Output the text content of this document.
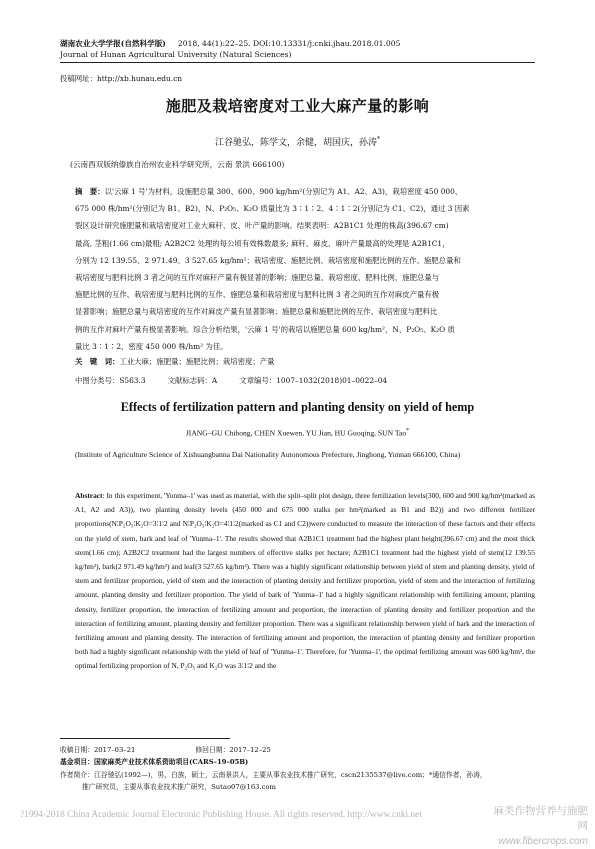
湖南农业大学学报(自然科学版) 2018, 44(1):22–25. DOI:10.13331/j.cnki.jhau.2018.01.005
Journal of Hunan Agricultural University (Natural Sciences)
投稿网址：http://xb.hunau.edu.cn
施肥及栽培密度对工业大麻产量的影响
江谷驰弘，陈学文，余健，胡国庆，孙涛*
(云南西双版纳傣族自治州农业科学研究所，云南 景洪 666100)
摘　要：以'云麻 1 号'为材料，设施肥总量 300、600、900 kg/hm²(分别记为 A1、A2、A3)，栽培密度 450 000、
675 000 株/hm²(分别记为 B1、B2)，N、P₂O₅、K₂O 质量比为 3∶1∶2、4∶1∶2(分别记为 C1、C2)，通过 3 因素
裂区设计研究施肥量和栽培密度对工业大麻秆、皮、叶产量的影响。结果表明：A2B1C1 处理的株高(396.67 cm)
最高, 茎粗(1.66 cm)最粗; A2B2C2 处理的每公顷有效株数最多; 麻秆、麻皮、麻叶产量最高的处理是 A2B1C1，
分别为 12 139.55、2 971.49、3 527.65 kg/hm²；栽培密度、施肥比例、栽培密度和施肥比例的互作、施肥总量和
栽培密度与肥料比例 3 者之间的互作对麻秆产量有极显著的影响；施肥总量、栽培密度、肥料比例、施肥总量与
施肥比例的互作、栽培密度与肥料比例的互作、施肥总量和栽培密度与肥料比例 3 者之间的互作对麻皮产量有极
显著影响；施肥总量与栽培密度的互作对麻皮产量有显著影响；施肥总量和施肥比例的互作、栽培密度与肥料比
例的互作对麻叶产量有极显著影响。综合分析结果，'云麻 1 号'的栽培以施肥总量 600 kg/hm²，N、P₂O₅、K₂O 质
量比 3∶1∶2，密度 450 000 株/hm² 为佳。
关　键　词：工业大麻；施肥量；施肥比例；栽培密度；产量
中图分类号：S563.3	文献标志码：A	文章编号：1007–1032(2018)01–0022–04
Effects of fertilization pattern and planting density on yield of hemp
JIANG–GU Chihong, CHEN Xuewen, YU Jian, HU Guoqing, SUN Tao*
(Institute of Agriculture Science of Xishuangbanna Dai Nationality Autonomous Prefecture, Jinghong, Yunnan 666100, China)
Abstract: In this experiment, 'Yunma–1' was used as material, with the split–split plot design, three fertilization levels(300, 600 and 900 kg/hm²(marked as A1, A2 and A3)), two planting density levels (450 000 and 675 000 stalks per hm²(marked as B1 and B2)) and two different fertilizer proportions(N∶P₂O₅∶K₂O=3∶1∶2 and N∶P₂O₅∶K₂O=4∶1∶2(marked as C1 and C2))were conducted to measure the interaction of these factors and their effects on the yield of stem, bark and leaf of 'Yunma–1'. The results showed that A2B1C1 treatment had the highest plant height(396.67 cm) and the most thick stem(1.66 cm); A2B2C2 treatment had the largest numbers of effective stalks per hectare; A2B1C1 treatment had the highest yield of stem(12 139.55 kg/hm²), bark(2 971.49 kg/hm²) and leaf(3 527.65 kg/hm²). There was a highly significant relationship between yield of stem and planting density, yield of stem and fertilizer proportion, yield of stem and the interaction of planting density and fertilizer proportion, yield of stem and the interaction of fertilizing amount, planting density and fertilizer proportion. The yield of bark of 'Yunma–1' had a highly significant relationship with fertilizing amount, planting density, fertilizer proportion, the interaction of fertilizing amount and proportion, the interaction of planting density and fertilizer proportion and the interaction of fertilizing amount, planting density and fertilizer proportion. There was a significant relationship between yield of bark and the interaction of fertilizing amount and planting density. The interaction of fertilizing amount and proportion, the interaction of planting density and fertilizer proportion both had a highly significant relationship with the yield of leaf of 'Yunma–1'. Therefore, for 'Yunma–1', the optimal fertilizing amount was 600 kg/hm², the optimal fertilizing proportion of N, P₂O₅ and K₂O was 3∶1∶2 and the
收稿日期：2017–03–21	修回日期：2017–12–25
基金项目：国家麻类产业技术体系资助项目(CARS–19–05B)
作者简介：江谷驰弘(1992—)，男，白族，硕士，云南景洪人，主要从事农业技术推广研究，cscn2135537@live.com；*通信作者，孙涛，
推广研究员，主要从事农业技术推广研究，Sutao07@163.com
?1994-2018 China Academic Journal Electronic Publishing House. All rights reserved. http://www.cnki.net	麻类作物营养与施肥网
www.fibercrops.com
